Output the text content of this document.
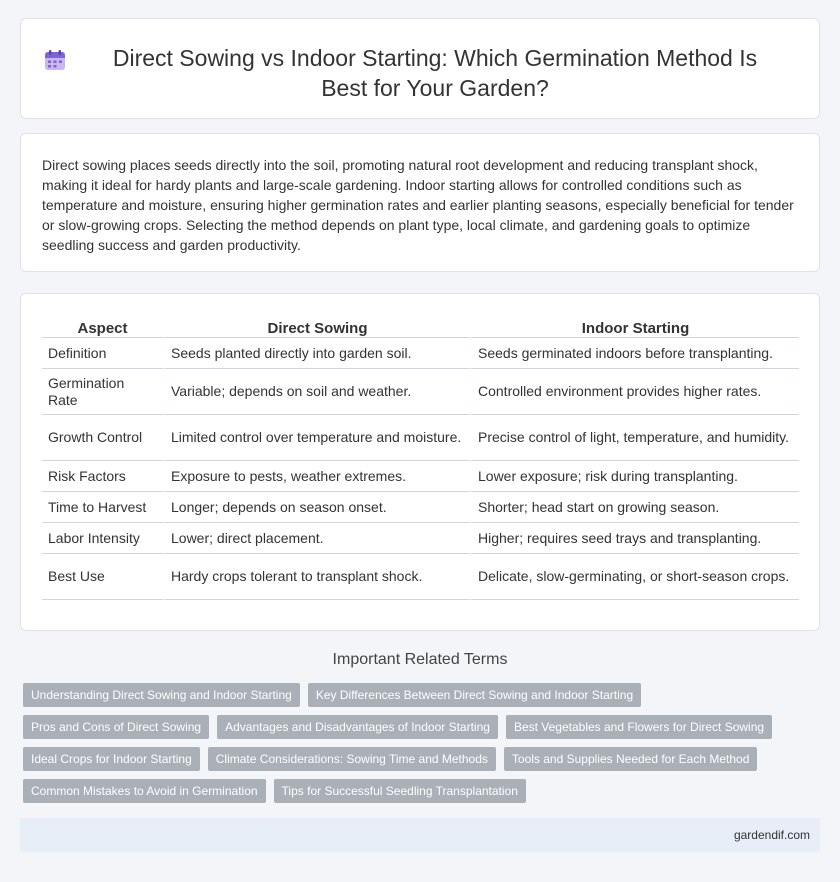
Direct Sowing vs Indoor Starting: Which Germination Method Is Best for Your Garden?

Direct sowing places seeds directly into the soil, promoting natural root development and reducing transplant shock, making it ideal for hardy plants and large-scale gardening. Indoor starting allows for controlled conditions such as temperature and moisture, ensuring higher germination rates and earlier planting seasons, especially beneficial for tender or slow-growing crops. Selecting the method depends on plant type, local climate, and gardening goals to optimize seedling success and garden productivity.

Aspect	Direct Sowing	Indoor Starting
Definition	Seeds planted directly into garden soil.	Seeds germinated indoors before transplanting.
Germination Rate	Variable; depends on soil and weather.	Controlled environment provides higher rates.
Growth Control	Limited control over temperature and moisture.	Precise control of light, temperature, and humidity.
Risk Factors	Exposure to pests, weather extremes.	Lower exposure; risk during transplanting.
Time to Harvest	Longer; depends on season onset.	Shorter; head start on growing season.
Labor Intensity	Lower; direct placement.	Higher; requires seed trays and transplanting.
Best Use	Hardy crops tolerant to transplant shock.	Delicate, slow-germinating, or short-season crops.
Important Related Terms
Understanding Direct Sowing and Indoor Starting	Key Differences Between Direct Sowing and Indoor Starting
Pros and Cons of Direct Sowing	Advantages and Disadvantages of Indoor Starting	Best Vegetables and Flowers for Direct Sowing
Ideal Crops for Indoor Starting	Climate Considerations: Sowing Time and Methods	Tools and Supplies Needed for Each Method
Common Mistakes to Avoid in Germination	Tips for Successful Seedling Transplantation
gardendif.com
